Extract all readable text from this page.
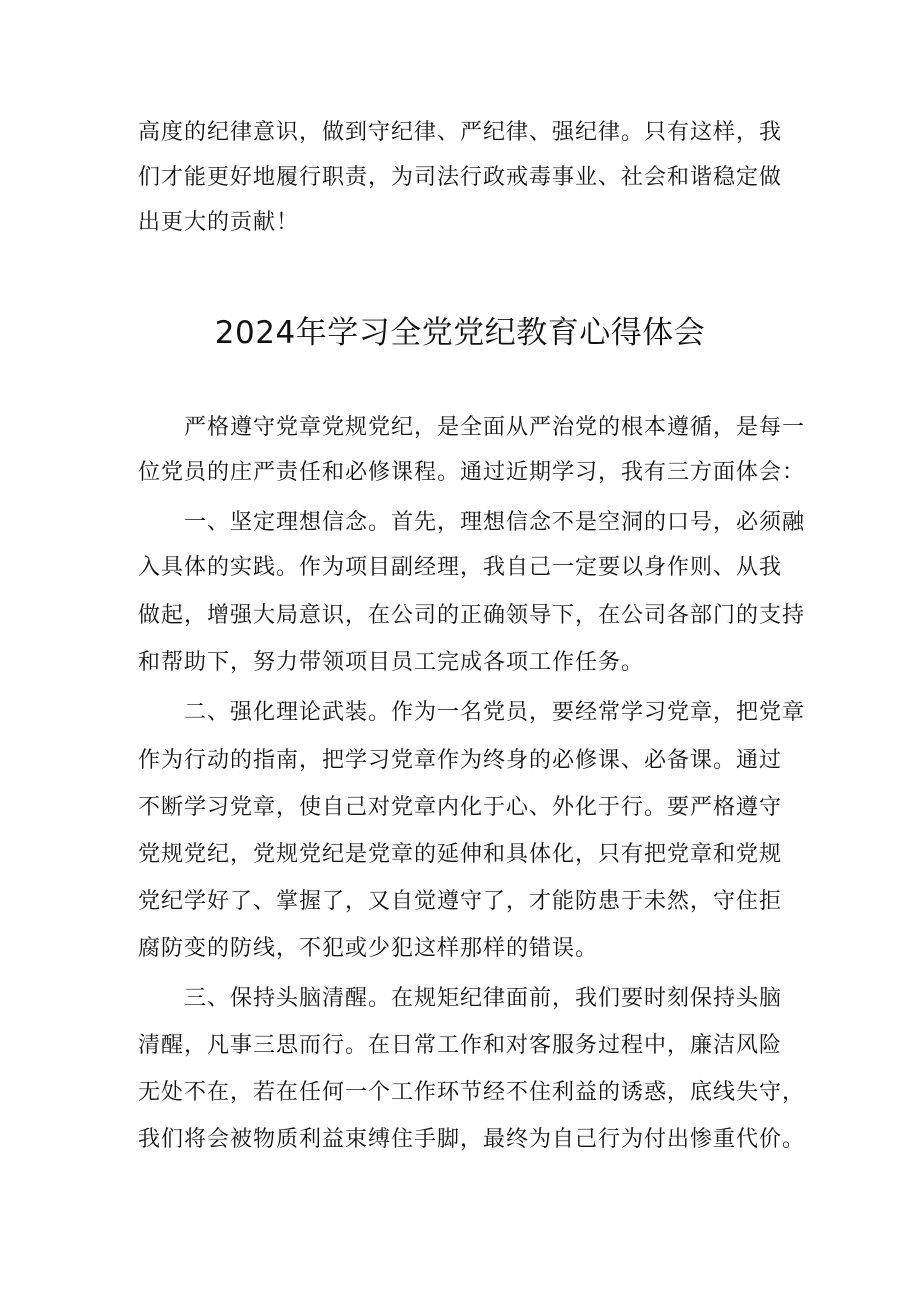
高度的纪律意识，做到守纪律、严纪律、强纪律。只有这样，我
们才能更好地履行职责，为司法行政戒毒事业、社会和谐稳定做
出更大的贡献！
2024年学习全党党纪教育心得体会
严格遵守党章党规党纪，是全面从严治党的根本遵循，是每一
位党员的庄严责任和必修课程。通过近期学习，我有三方面体会：
一、坚定理想信念。首先，理想信念不是空洞的口号，必须融
入具体的实践。作为项目副经理，我自己一定要以身作则、从我
做起，增强大局意识，在公司的正确领导下，在公司各部门的支持
和帮助下，努力带领项目员工完成各项工作任务。
二、强化理论武装。作为一名党员，要经常学习党章，把党章
作为行动的指南，把学习党章作为终身的必修课、必备课。通过
不断学习党章，使自己对党章内化于心、外化于行。要严格遵守
党规党纪，党规党纪是党章的延伸和具体化，只有把党章和党规
党纪学好了、掌握了，又自觉遵守了，才能防患于未然，守住拒
腐防变的防线，不犯或少犯这样那样的错误。
三、保持头脑清醒。在规矩纪律面前，我们要时刻保持头脑
清醒，凡事三思而行。在日常工作和对客服务过程中，廉洁风险
无处不在，若在任何一个工作环节经不住利益的诱惑，底线失守，
我们将会被物质利益束缚住手脚，最终为自己行为付出惨重代价。
